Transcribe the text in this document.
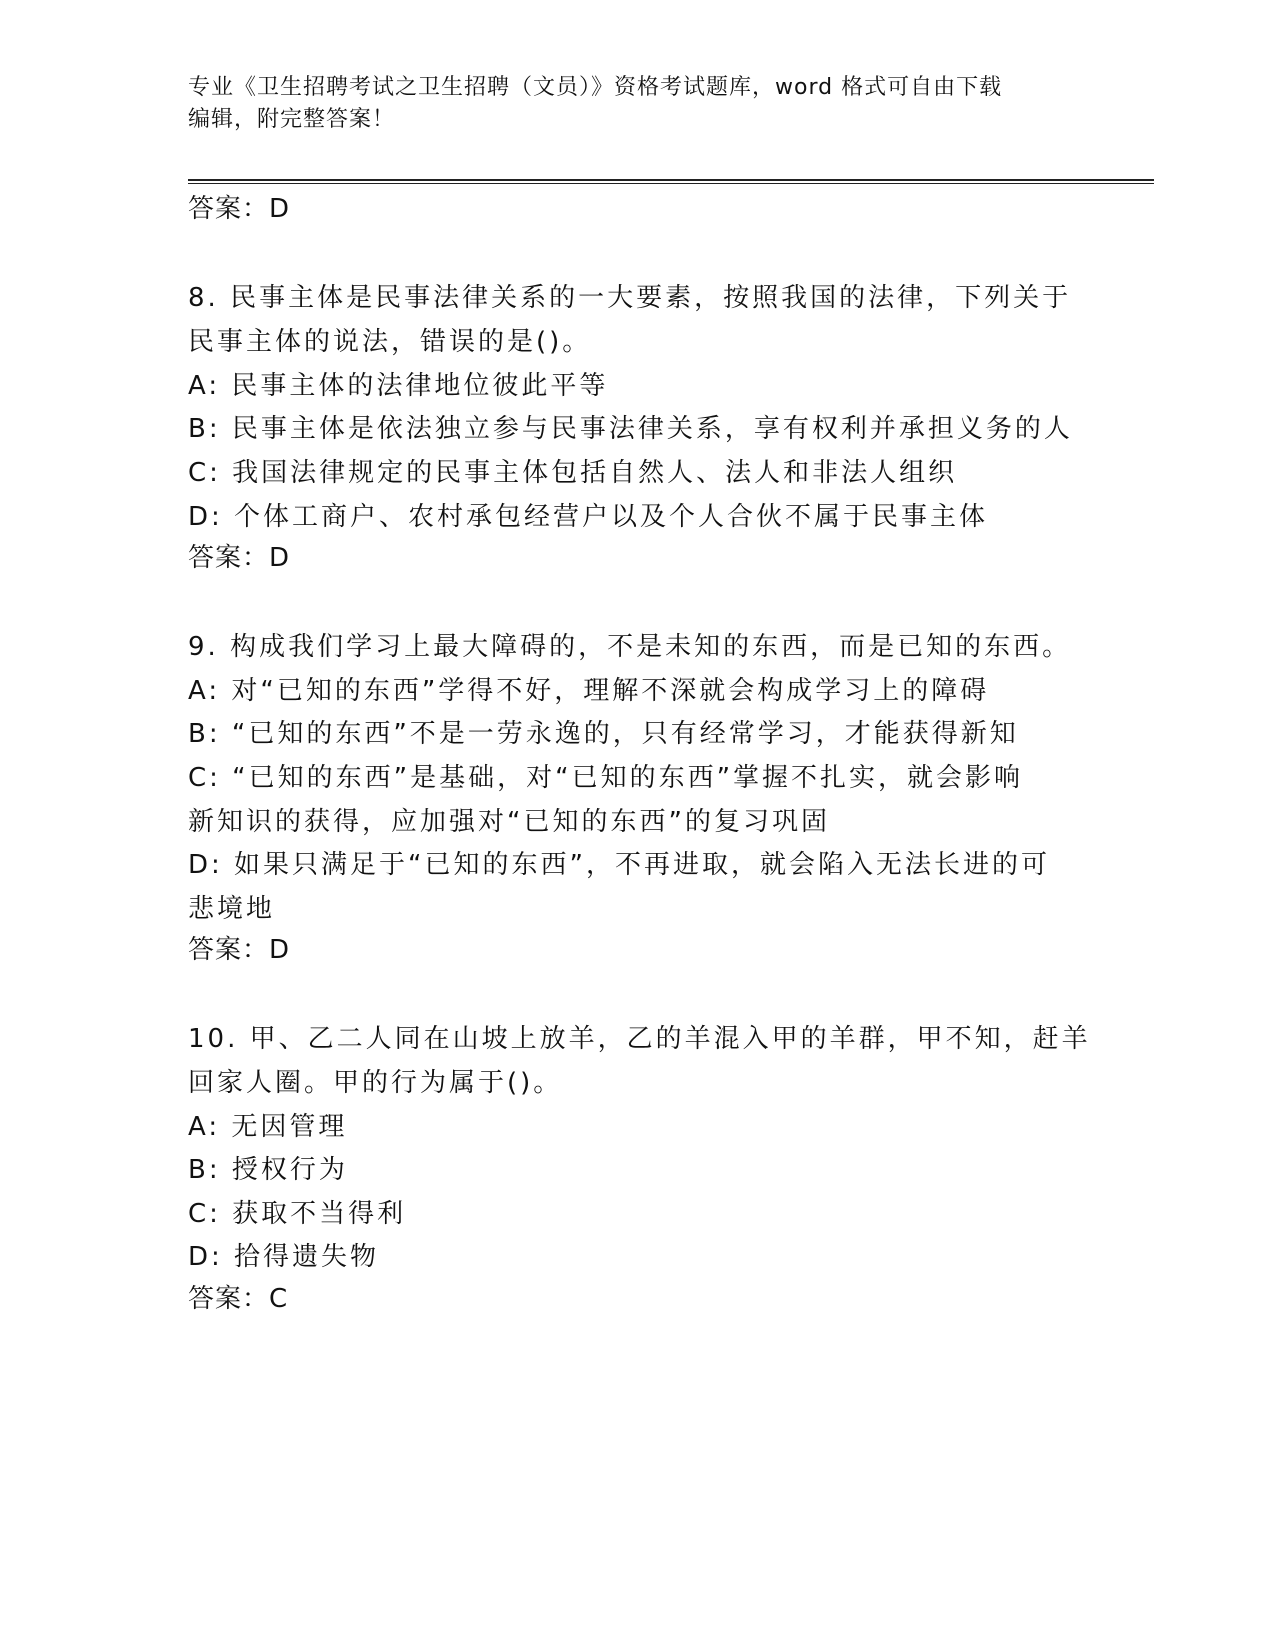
专业《卫生招聘考试之卫生招聘（文员）》资格考试题库，word 格式可自由下载
编辑，附完整答案！
答案：D
8. 民事主体是民事法律关系的一大要素，按照我国的法律，下列关于
民事主体的说法，错误的是()。
A: 民事主体的法律地位彼此平等
B: 民事主体是依法独立参与民事法律关系，享有权利并承担义务的人
C: 我国法律规定的民事主体包括自然人、法人和非法人组织
D: 个体工商户、农村承包经营户以及个人合伙不属于民事主体
答案：D
9. 构成我们学习上最大障碍的，不是未知的东西，而是已知的东西。
A: 对“已知的东西”学得不好，理解不深就会构成学习上的障碍
B: “已知的东西”不是一劳永逸的，只有经常学习，才能获得新知
C: “已知的东西”是基础，对“已知的东西”掌握不扎实，就会影响
新知识的获得，应加强对“已知的东西”的复习巩固
D: 如果只满足于“已知的东西”，不再进取，就会陷入无法长进的可
悲境地
答案：D
10. 甲、乙二人同在山坡上放羊，乙的羊混入甲的羊群，甲不知，赶羊
回家人圈。甲的行为属于()。
A: 无因管理
B: 授权行为
C: 获取不当得利
D: 拾得遗失物
答案：C
